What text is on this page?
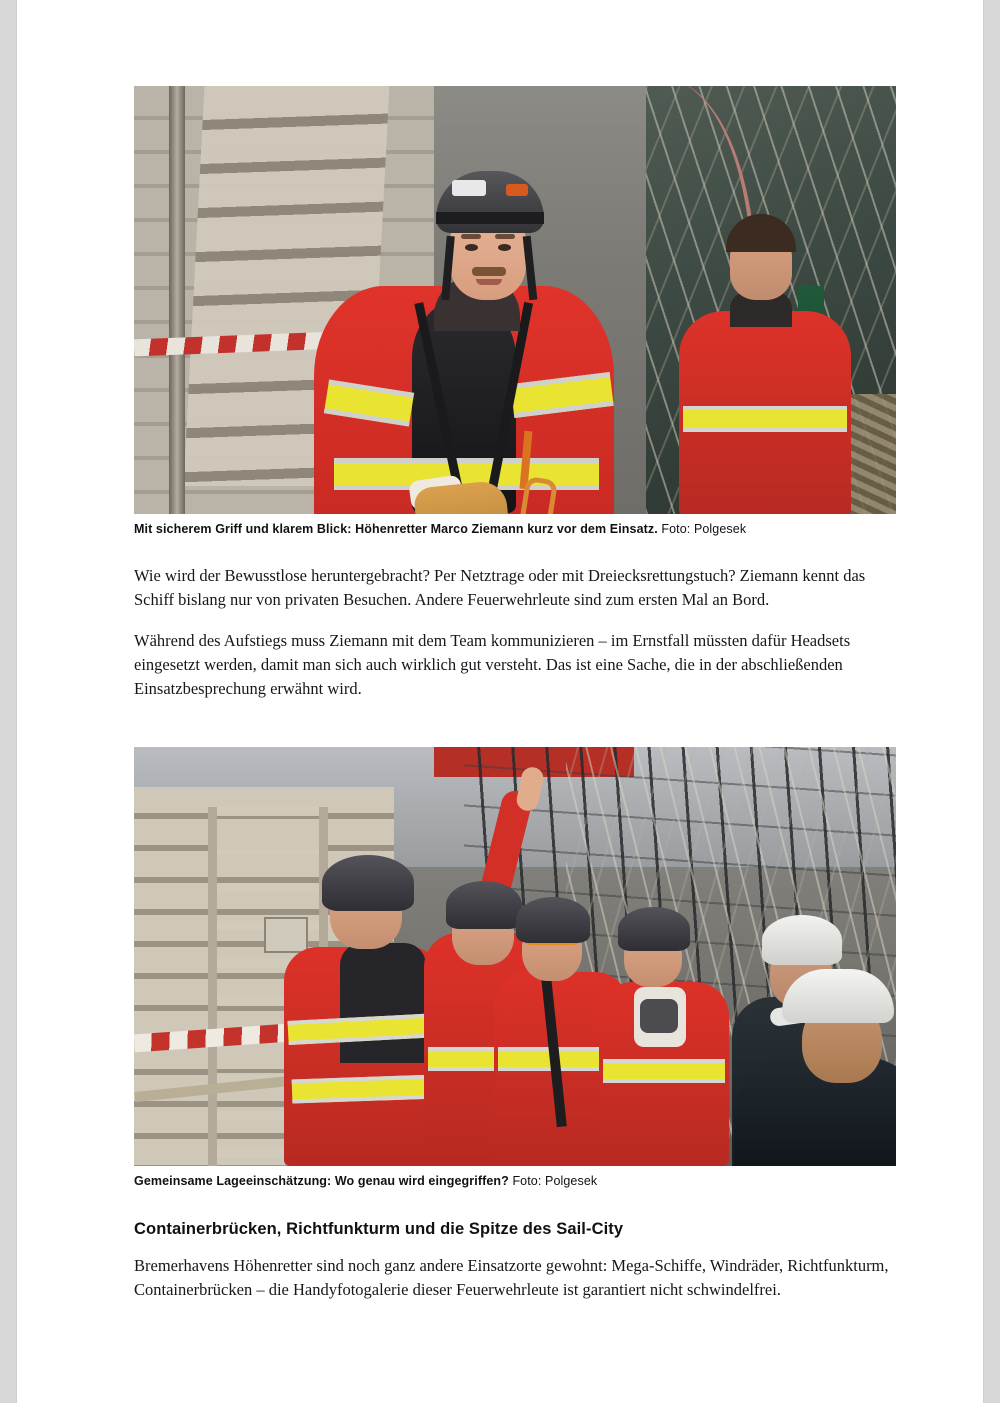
Mit sicherem Griff und klarem Blick: Höhenretter Marco Ziemann kurz vor dem Einsatz. Foto: Polgesek

Wie wird der Bewusstlose heruntergebracht? Per Netztrage oder mit Dreiecksrettungstuch? Ziemann kennt das Schiff bislang nur von privaten Besuchen. Andere Feuerwehrleute sind zum ersten Mal an Bord.

Während des Aufstiegs muss Ziemann mit dem Team kommunizieren – im Ernstfall müssten dafür Headsets eingesetzt werden, damit man sich auch wirklich gut versteht. Das ist eine Sache, die in der abschließenden Einsatzbesprechung erwähnt wird.

Gemeinsame Lageeinschätzung: Wo genau wird eingegriffen? Foto: Polgesek
Containerbrücken, Richtfunkturm und die Spitze des Sail-City

Bremerhavens Höhenretter sind noch ganz andere Einsatzorte gewohnt: Mega-Schiffe, Windräder, Richtfunkturm, Containerbrücken – die Handyfotogalerie dieser Feuerwehrleute ist garantiert nicht schwindelfrei.
